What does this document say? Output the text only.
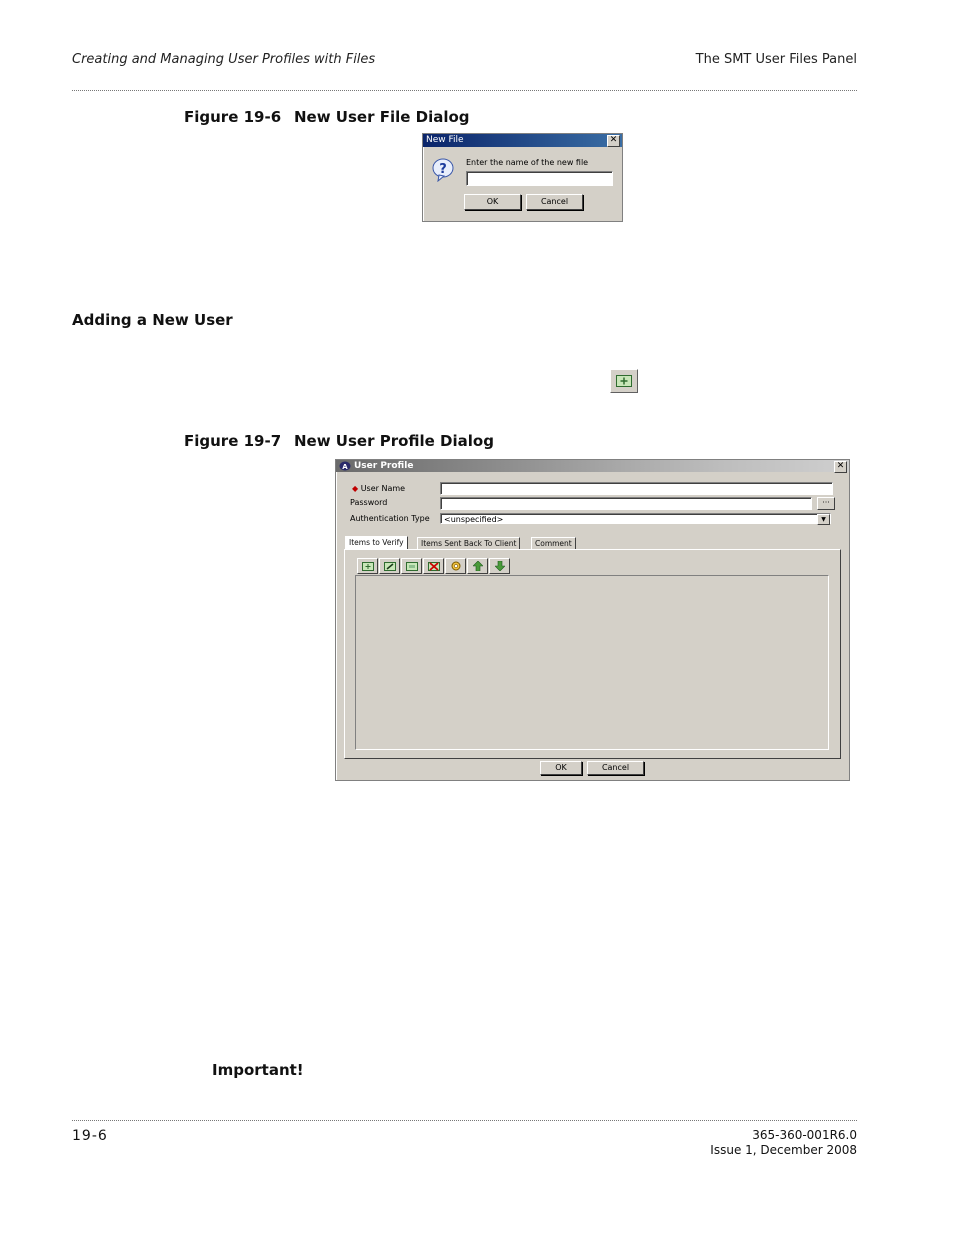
Creating and Managing User Profiles with Files	The SMT User Files Panel
Figure 19-6 New User File Dialog
New File	✕
? Enter the name of the new file
OK	Cancel
Adding a New User
Figure 19-7 New User Profile Dialog
A User Profile	✕
◆ User Name
Password	···
Authentication Type	<unspecified>	▼
Items to Verify	Items Sent Back To Client	Comment
OK	Cancel
Important!
19-6	365-360-001R6.0
Issue 1, December 2008
